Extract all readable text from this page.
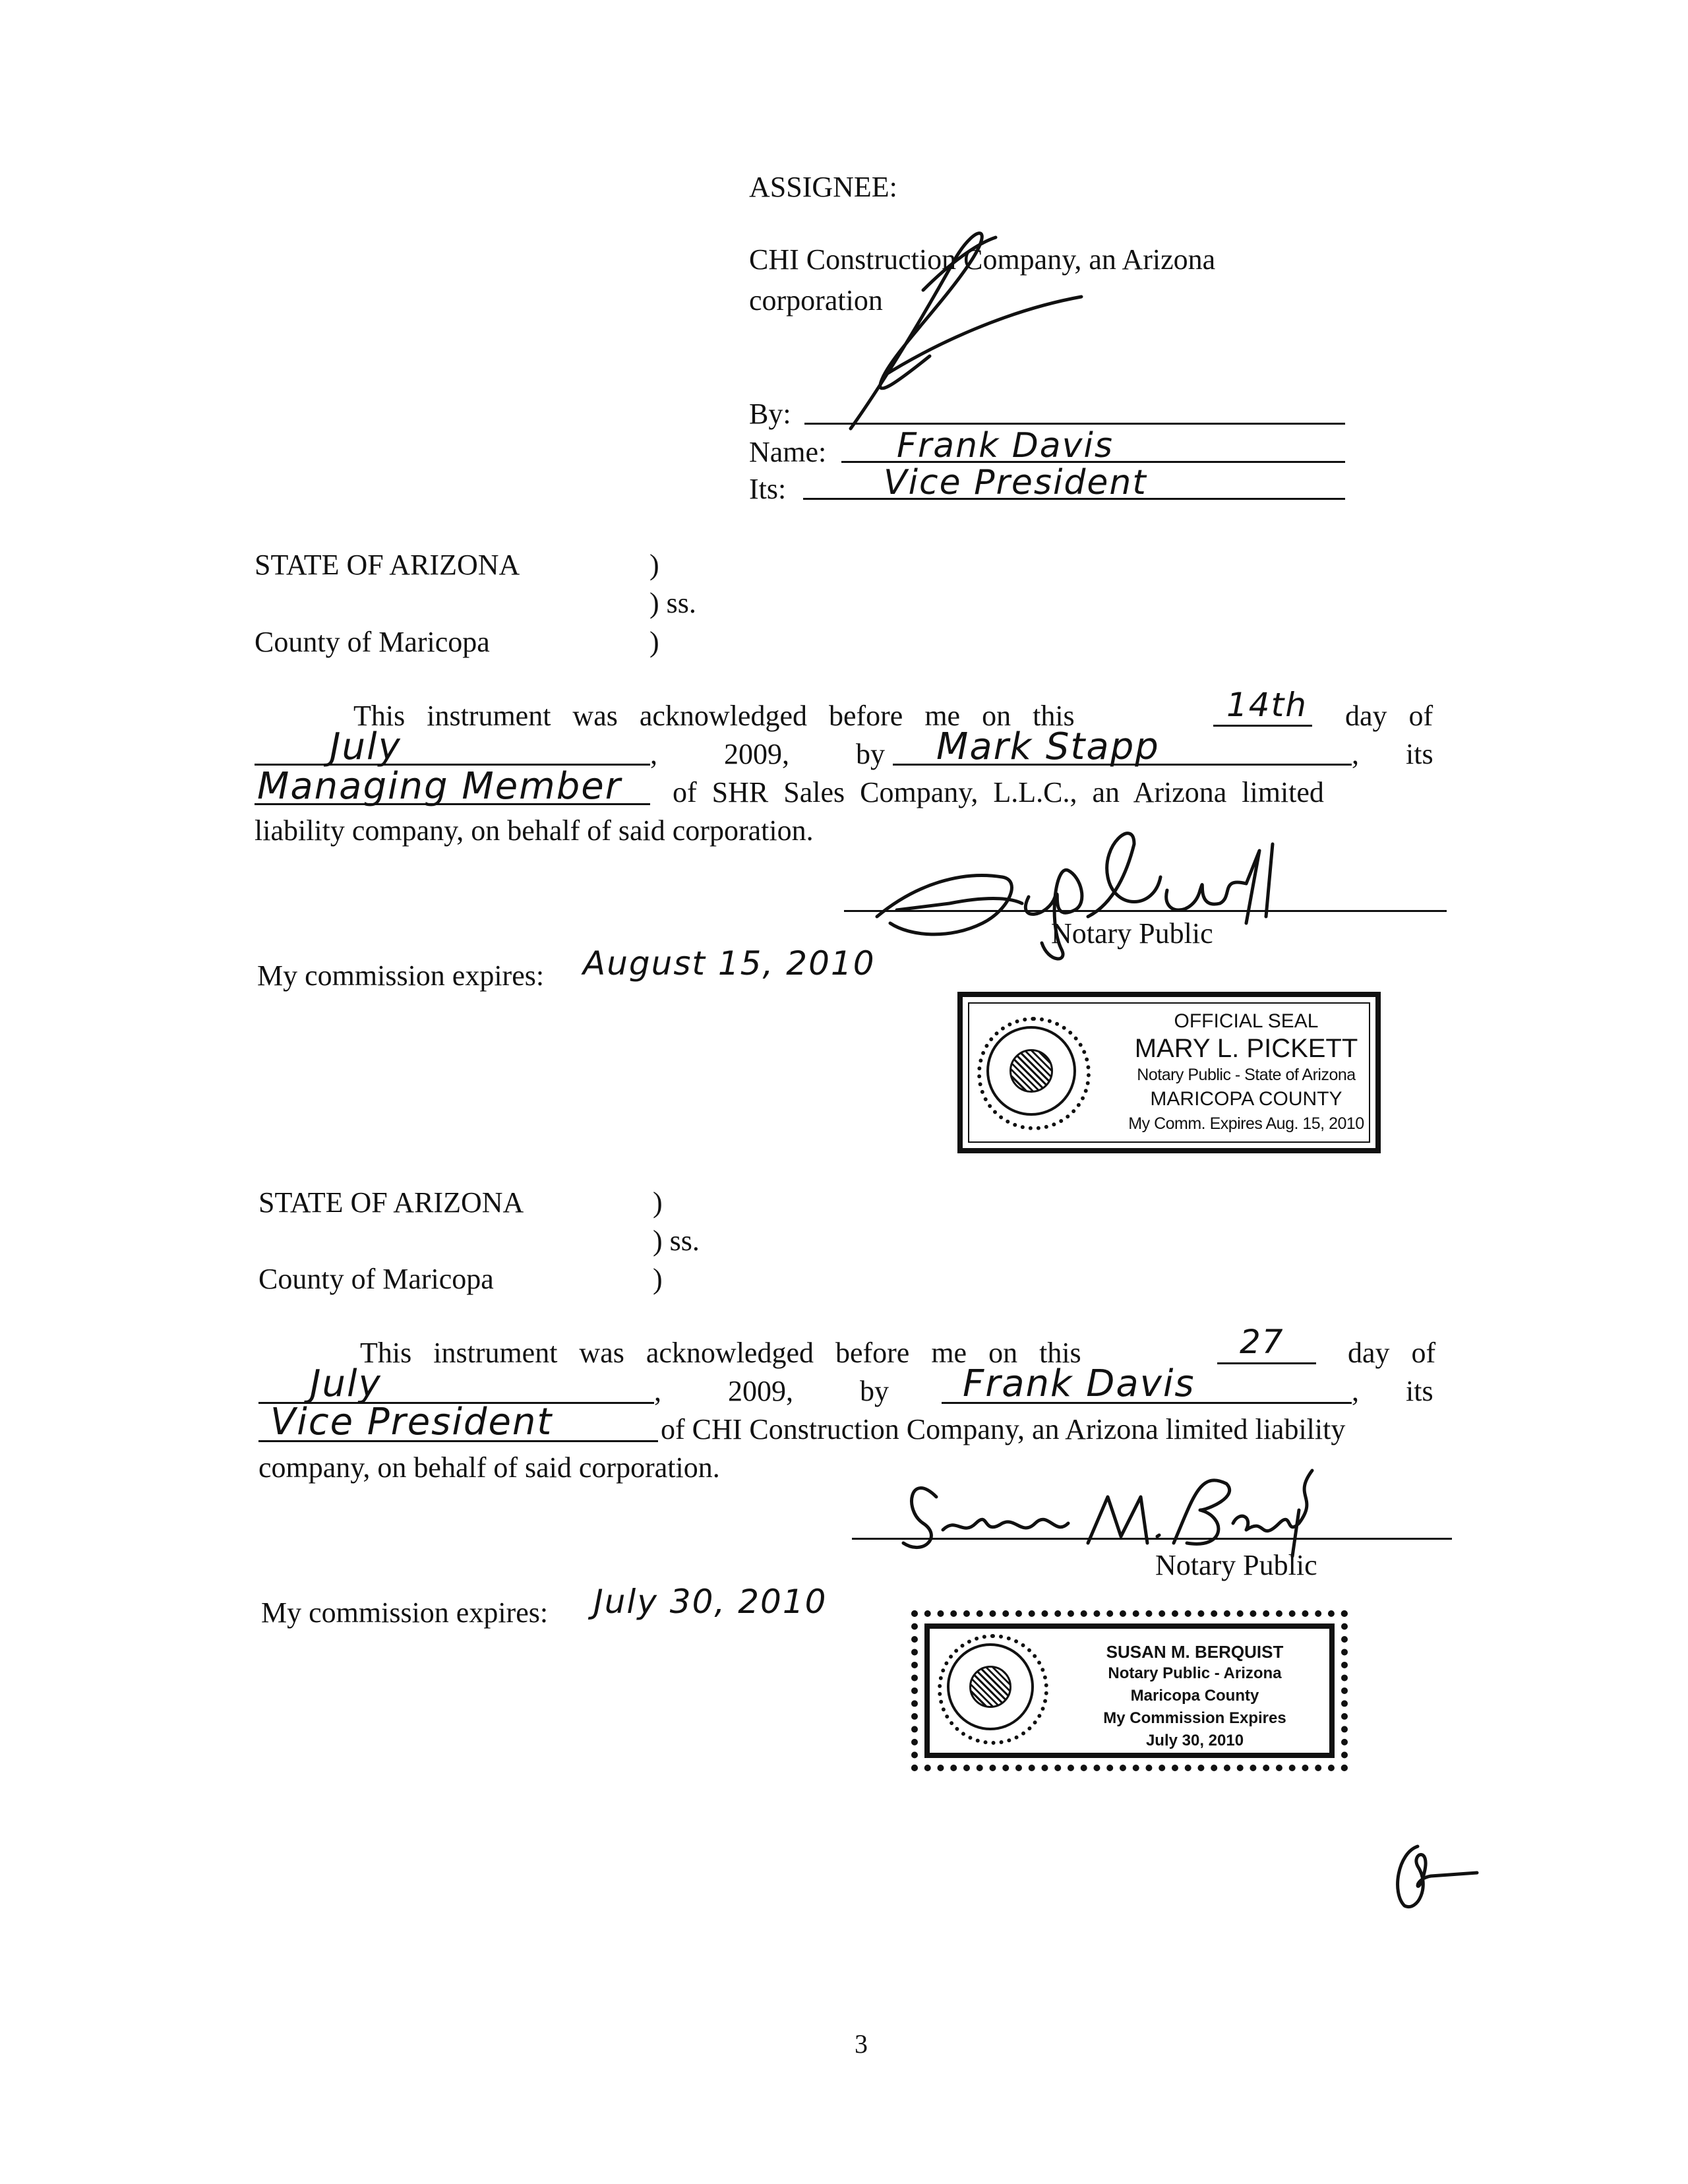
ASSIGNEE:
CHI Construction Company, an Arizona
corporation
By:
Name: Frank Davis
Its:	Vice President
STATE OF ARIZONA	)
) ss.
County of Maricopa	)
This instrument was acknowledged before me on this	14th day of
July	, 2009, by Mark Stapp	, its
Managing Member of SHR Sales Company, L.L.C., an Arizona limited
liability company, on behalf of said corporation.
Notary Public
My commission expires: August 15, 2010
OFFICIAL SEAL
MARY L. PICKETT
Notary Public - State of Arizona
MARICOPA COUNTY
My Comm. Expires Aug. 15, 2010
STATE OF ARIZONA	)
) ss.
County of Maricopa	)
This instrument was acknowledged before me on this	27 day of
July	, 2009, by Frank Davis	, its
Vice President	of CHI Construction Company, an Arizona limited liability
company, on behalf of said corporation.
Notary Public
My commission expires: July 30, 2010
SUSAN M. BERQUIST
Notary Public - Arizona
Maricopa County
My Commission Expires
July 30, 2010
3
